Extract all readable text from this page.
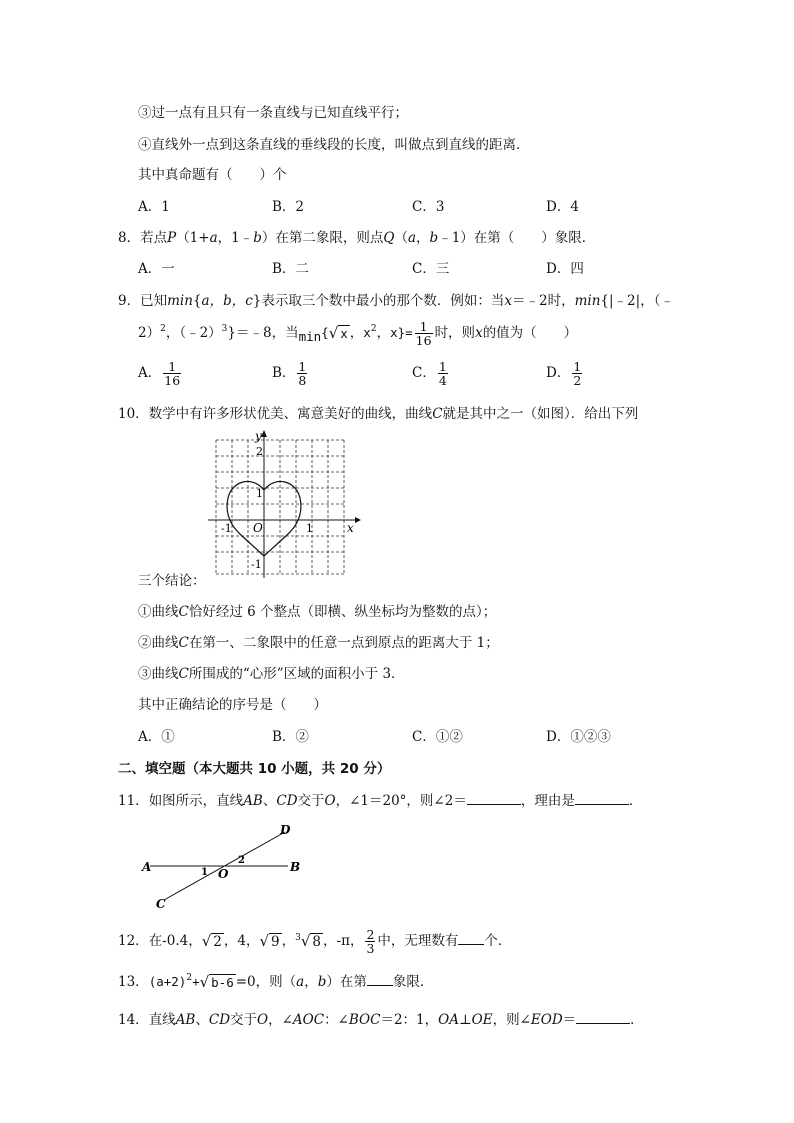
③过一点有且只有一条直线与已知直线平行；
④直线外一点到这条直线的垂线段的长度，叫做点到直线的距离．
其中真命题有（　　）个
A．1	B．2	C．3	D．4
8．若点P（1+a，1﹣b）在第二象限，则点Q（a，b﹣1）在第（　　）象限．
A．一	B．二	C．三	D．四
9．已知min{a，b，c}表示取三个数中最小的那个数．例如：当x＝﹣2时，min{|﹣2|，（﹣
2）$^2$，（﹣2）$^3$}＝﹣8，当min{√ x ，$x^2$，$x\}= \frac{1}{16}$ 时，则x的值为（　　）
A． $\frac{1}{16}$	B． $\frac{1}{8}$	C． $\frac{1}{4}$	D． $\frac{1}{2}$
10．数学中有许多形状优美、寓意美好的曲线，曲线C就是其中之一（如图）．给出下列
y
x
2
1
-1
-1	1
O
三个结论：
①曲线C恰好经过 6 个整点（即横、纵坐标均为整数的点）；
②曲线C在第一、二象限中的任意一点到原点的距离大于 1；
③曲线C所围成的“心形”区域的面积小于 3．
其中正确结论的序号是（　　）
A．①	B．②	C．①②	D．①②③
二、填空题（本大题共 10 小题，共 20 分）
11．如图所示，直线AB、CD交于O，∠1＝20°，则∠2＝	，理由是	．
A	B
C
D
O
1
2
12．在-0.4，√ 2 ，4，√ 9 ，$^3$√ 8 ，-π， $\frac{2}{3}$ 中，无理数有 个．
13．$(a+2)^2+√$ b-6 =0，则（a，b）在第 象限．
14．直线AB、CD交于O，∠AOC：∠BOC＝2：1，OA⊥OE，则∠EOD＝	．
